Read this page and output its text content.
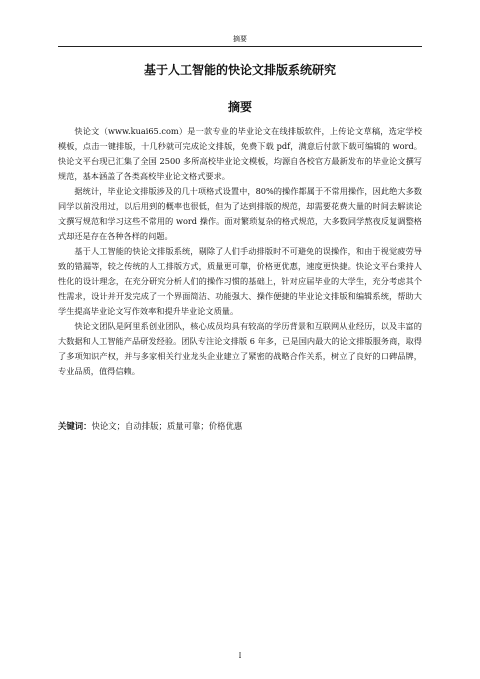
摘要
基于人工智能的快论文排版系统研究
摘要

快论文（www.kuai65.com）是一款专业的毕业论文在线排版软件，上传论文草稿，选定学校模板，点击一键排版，十几秒就可完成论文排版，免费下载 pdf，满意后付款下载可编辑的 word。快论文平台现已汇集了全国 2500 多所高校毕业论文模板，均源自各校官方最新发布的毕业论文撰写规范，基本涵盖了各类高校毕业论文格式要求。

据统计，毕业论文排版涉及的几十项格式设置中，80%的操作都属于不常用操作，因此绝大多数同学以前没用过，以后用到的概率也很低，但为了达到排版的规范，却需要花费大量的时间去解读论文撰写规范和学习这些不常用的 word 操作。面对繁琐复杂的格式规范，大多数同学熬夜反复调整格式却还是存在各种各样的问题。

基于人工智能的快论文排版系统，剔除了人们手动排版时不可避免的误操作，和由于视觉疲劳导致的错漏等，较之传统的人工排版方式，质量更可靠，价格更优惠，速度更快捷。快论文平台秉持人性化的设计理念，在充分研究分析人们的操作习惯的基础上，针对应届毕业的大学生，充分考虑其个性需求，设计并开发完成了一个界面简洁、功能强大、操作便捷的毕业论文排版和编辑系统，帮助大学生提高毕业论文写作效率和提升毕业论文质量。

快论文团队是阿里系创业团队，核心成员均具有较高的学历背景和互联网从业经历，以及丰富的大数据和人工智能产品研发经验。团队专注论文排版 6 年多，已是国内最大的论文排版服务商，取得了多项知识产权，并与多家相关行业龙头企业建立了紧密的战略合作关系，树立了良好的口碑品牌，专业品质，值得信赖。

关键词：快论文；自动排版；质量可靠；价格优惠
I
